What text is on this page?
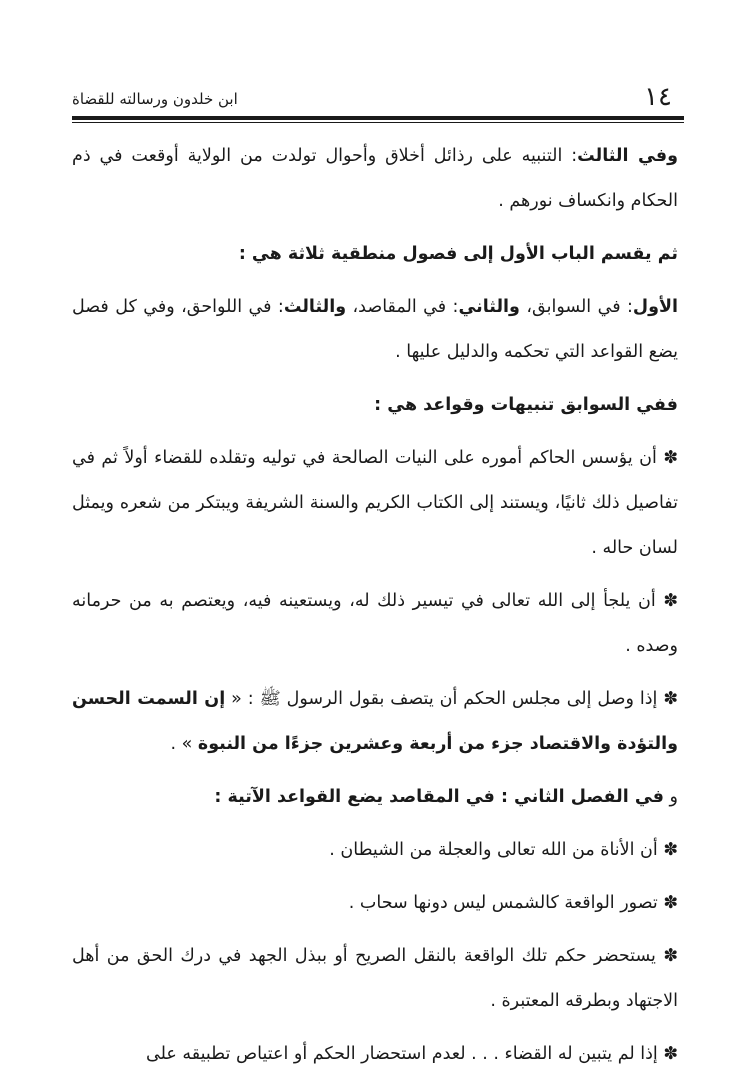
١٤
ابن خلدون ورسالته للقضاة

وفي الثالث: التنبيه على رذائل أخلاق وأحوال تولدت من الولاية أوقعت في ذم الحكام وانكساف نورهم .

ثم يقسم الباب الأول إلى فصول منطقية ثلاثة هي :

الأول: في السوابق، والثاني: في المقاصد، والثالث: في اللواحق، وفي كل فصل يضع القواعد التي تحكمه والدليل عليها .

ففي السوابق تنبيهات وقواعد هي :

✽ أن يؤسس الحاكم أموره على النيات الصالحة في توليه وتقلده للقضاء أولاً ثم في تفاصيل ذلك ثانيًا، ويستند إلى الكتاب الكريم والسنة الشريفة ويبتكر من شعره ويمثل لسان حاله .

✽ أن يلجأ إلى الله تعالى في تيسير ذلك له، ويستعينه فيه، ويعتصم به من حرمانه وصده .

✽ إذا وصل إلى مجلس الحكم أن يتصف بقول الرسول ﷺ : « إن السمت الحسن والتؤدة والاقتصاد جزء من أربعة وعشرين جزءًا من النبوة » .

و في الفصل الثاني : في المقاصد يضع القواعد الآتية :

✽ أن الأناة من الله تعالى والعجلة من الشيطان .

✽ تصور الواقعة كالشمس ليس دونها سحاب .

✽ يستحضر حكم تلك الواقعة بالنقل الصريح أو ببذل الجهد في درك الحق من أهل الاجتهاد وبطرقه المعتبرة .

✽ إذا لم يتبين له القضاء . . . لعدم استحضار الحكم أو اعتياص تطبيقه على
